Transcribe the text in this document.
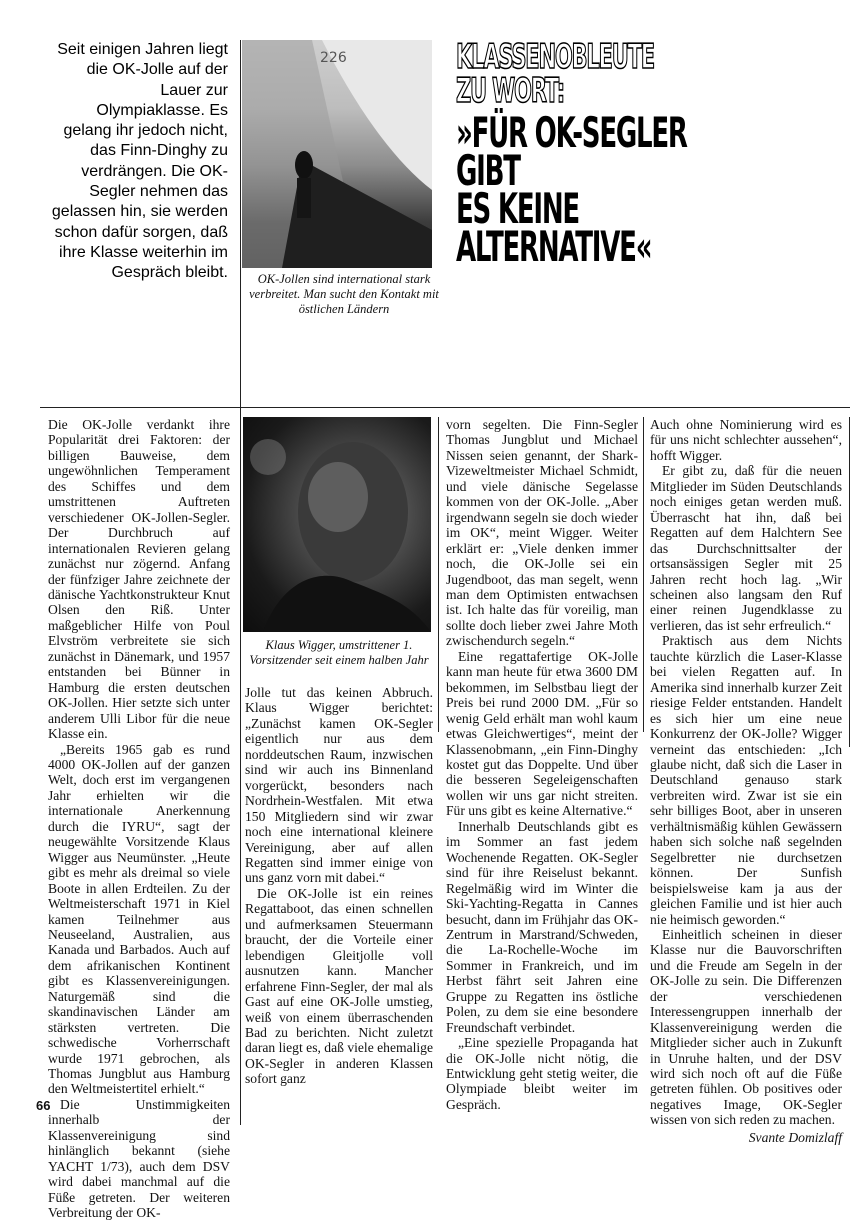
Seit einigen Jahren liegt die OK-Jolle auf der Lauer zur Olympiaklasse. Es gelang ihr jedoch nicht, das Finn-Dinghy zu verdrängen. Die OK-Segler nehmen das gelassen hin, sie werden schon dafür sorgen, daß ihre Klasse weiterhin im Gespräch bleibt.

226
OK-Jollen sind international stark verbreitet. Man sucht den Kontakt mit östlichen Ländern
KLASSENOBLEUTE
ZU WORT:
»FÜR OK-SEGLER GIBT
ES KEINE
ALTERNATIVE«
Klaus Wigger, umstrittener 1. Vorsitzender seit einem halben Jahr

Die OK-Jolle verdankt ihre Popularität drei Faktoren: der billigen Bauweise, dem ungewöhnlichen Temperament des Schiffes und dem umstrittenen Auftreten verschiedener OK-Jollen-Segler. Der Durchbruch auf internationalen Revieren gelang zunächst nur zögernd. Anfang der fünfziger Jahre zeichnete der dänische Yachtkonstrukteur Knut Olsen den Riß. Unter maßgeblicher Hilfe von Poul Elvström verbreitete sie sich zunächst in Dänemark, und 1957 entstanden bei Bünner in Hamburg die ersten deutschen OK-Jollen. Hier setzte sich unter anderem Ulli Libor für die neue Klasse ein.

„Bereits 1965 gab es rund 4000 OK-Jollen auf der ganzen Welt, doch erst im vergangenen Jahr erhielten wir die internationale Anerkennung durch die IYRU“, sagt der neugewählte Vorsitzende Klaus Wigger aus Neumünster. „Heute gibt es mehr als dreimal so viele Boote in allen Erdteilen. Zu der Weltmeisterschaft 1971 in Kiel kamen Teilnehmer aus Neuseeland, Australien, aus Kanada und Barbados. Auch auf dem afrikanischen Kontinent gibt es Klassenvereinigungen. Naturgemäß sind die skandinavischen Länder am stärksten vertreten. Die schwedische Vorherrschaft wurde 1971 gebrochen, als Thomas Jungblut aus Hamburg den Weltmeistertitel erhielt.“

Die Unstimmigkeiten innerhalb der Klassenvereinigung sind hinlänglich bekannt (siehe YACHT 1/73), auch dem DSV wird dabei manchmal auf die Füße getreten. Der weiteren Verbreitung der OK-

Jolle tut das keinen Abbruch. Klaus Wigger berichtet: „Zunächst kamen OK-Segler eigentlich nur aus dem norddeutschen Raum, inzwischen sind wir auch ins Binnenland vorgerückt, besonders nach Nordrhein-Westfalen. Mit etwa 150 Mitgliedern sind wir zwar noch eine international kleinere Vereinigung, aber auf allen Regatten sind immer einige von uns ganz vorn mit dabei.“

Die OK-Jolle ist ein reines Regattaboot, das einen schnellen und aufmerksamen Steuermann braucht, der die Vorteile einer lebendigen Gleitjolle voll ausnutzen kann. Mancher erfahrene Finn-Segler, der mal als Gast auf eine OK-Jolle umstieg, weiß von einem überraschenden Bad zu berichten. Nicht zuletzt daran liegt es, daß viele ehemalige OK-Segler in anderen Klassen sofort ganz

vorn segelten. Die Finn-Segler Thomas Jungblut und Michael Nissen seien genannt, der Shark-Vizeweltmeister Michael Schmidt, und viele dänische Segelasse kommen von der OK-Jolle. „Aber irgendwann segeln sie doch wieder im OK“, meint Wigger. Weiter erklärt er: „Viele denken immer noch, die OK-Jolle sei ein Jugendboot, das man segelt, wenn man dem Optimisten entwachsen ist. Ich halte das für voreilig, man sollte doch lieber zwei Jahre Moth zwischendurch segeln.“

Eine regattafertige OK-Jolle kann man heute für etwa 3600 DM bekommen, im Selbstbau liegt der Preis bei rund 2000 DM. „Für so wenig Geld erhält man wohl kaum etwas Gleichwertiges“, meint der Klassenobmann, „ein Finn-Dinghy kostet gut das Doppelte. Und über die besseren Segeleigenschaften wollen wir uns gar nicht streiten. Für uns gibt es keine Alternative.“

Innerhalb Deutschlands gibt es im Sommer an fast jedem Wochenende Regatten. OK-Segler sind für ihre Reiselust bekannt. Regelmäßig wird im Winter die Ski-Yachting-Regatta in Cannes besucht, dann im Frühjahr das OK-Zentrum in Marstrand/Schweden, die La-Rochelle-Woche im Sommer in Frankreich, und im Herbst fährt seit Jahren eine Gruppe zu Regatten ins östliche Polen, zu dem sie eine besondere Freundschaft verbindet.

„Eine spezielle Propaganda hat die OK-Jolle nicht nötig, die Entwicklung geht stetig weiter, die Olympiade bleibt weiter im Gespräch.

Auch ohne Nominierung wird es für uns nicht schlechter aussehen“, hofft Wigger.

Er gibt zu, daß für die neuen Mitglieder im Süden Deutschlands noch einiges getan werden muß. Überrascht hat ihn, daß bei Regatten auf dem Halchtern See das Durchschnittsalter der ortsansässigen Segler mit 25 Jahren recht hoch lag. „Wir scheinen also langsam den Ruf einer reinen Jugendklasse zu verlieren, das ist sehr erfreulich.“

Praktisch aus dem Nichts tauchte kürzlich die Laser-Klasse bei vielen Regatten auf. In Amerika sind innerhalb kurzer Zeit riesige Felder entstanden. Handelt es sich hier um eine neue Konkurrenz der OK-Jolle? Wigger verneint das entschieden: „Ich glaube nicht, daß sich die Laser in Deutschland genauso stark verbreiten wird. Zwar ist sie ein sehr billiges Boot, aber in unseren verhältnismäßig kühlen Gewässern haben sich solche naß segelnden Segelbretter nie durchsetzen können. Der Sunfish beispielsweise kam ja aus der gleichen Familie und ist hier auch nie heimisch geworden.“

Einheitlich scheinen in dieser Klasse nur die Bauvorschriften und die Freude am Segeln in der OK-Jolle zu sein. Die Differenzen der verschiedenen Interessengruppen innerhalb der Klassenvereinigung werden die Mitglieder sicher auch in Zukunft in Unruhe halten, und der DSV wird sich noch oft auf die Füße getreten fühlen. Ob positives oder negatives Image, OK-Segler wissen von sich reden zu machen.

Svante Domizlaff
66
